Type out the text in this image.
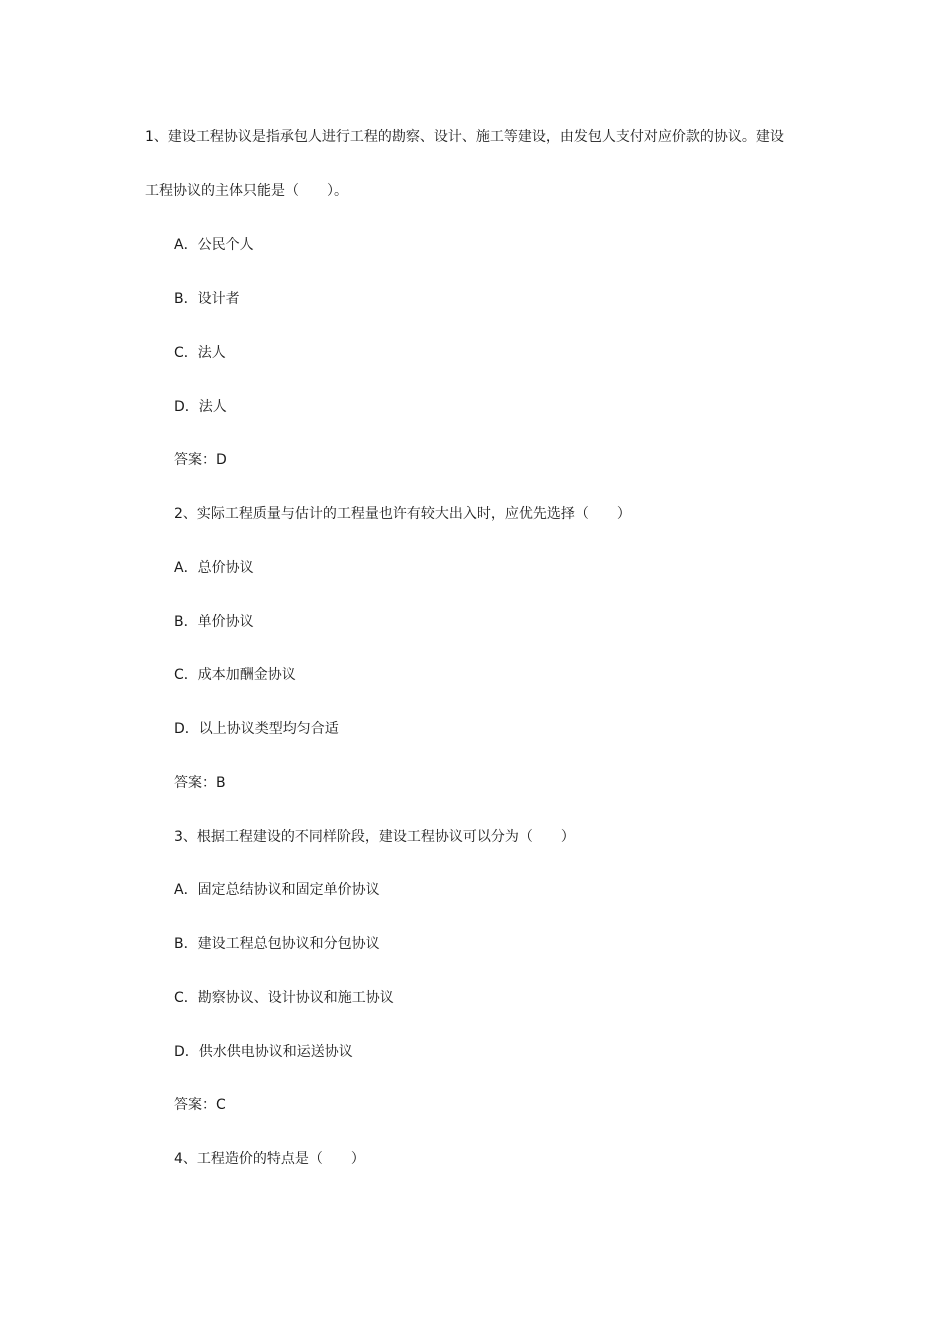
1、建设工程协议是指承包人进行工程的勘察、设计、施工等建设，由发包人支付对应价款的协议。建设
工程协议的主体只能是（　　）。
A．公民个人
B．设计者
C．法人
D．法人
答案：D
2、实际工程质量与估计的工程量也许有较大出入时，应优先选择（　　）
A．总价协议
B．单价协议
C．成本加酬金协议
D．以上协议类型均匀合适
答案：B
3、根据工程建设的不同样阶段，建设工程协议可以分为（　　）
A．固定总结协议和固定单价协议
B．建设工程总包协议和分包协议
C．勘察协议、设计协议和施工协议
D．供水供电协议和运送协议
答案：C
4、工程造价的特点是（　　）
